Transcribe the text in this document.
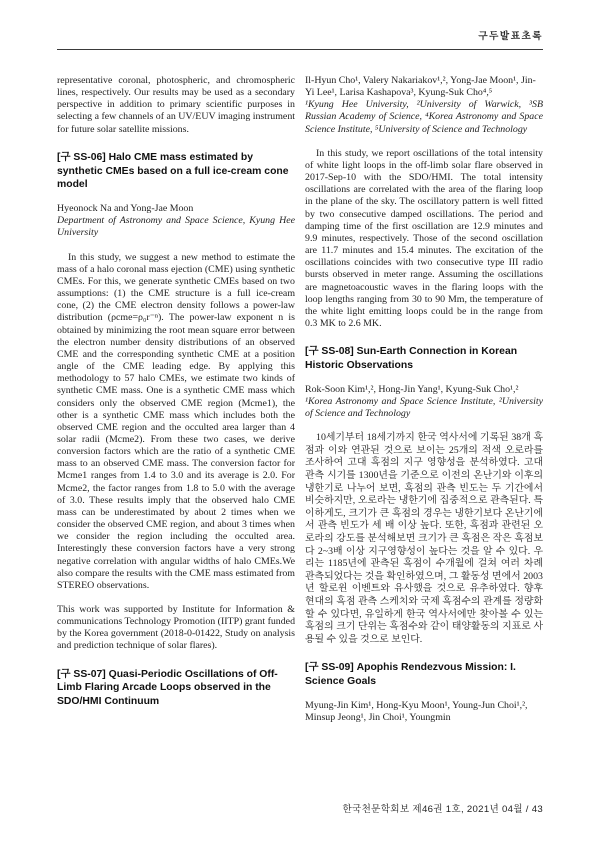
구두발표초록

representative coronal, photospheric, and chromospheric lines, respectively. Our results may be used as a secondary perspective in addition to primary scientific purposes in selecting a few channels of an UV/EUV imaging instrument for future solar satellite missions.

[구 SS-06] Halo CME mass estimated by synthetic CMEs based on a full ice-cream cone model

Hyeonock Na and Yong-Jae Moon

Department of Astronomy and Space Science, Kyung Hee University

In this study, we suggest a new method to estimate the mass of a halo coronal mass ejection (CME) using synthetic CMEs. For this, we generate synthetic CMEs based on two assumptions: (1) the CME structure is a full ice-cream cone, (2) the CME electron density follows a power-law distribution (ρcme=ρ₀r⁻ⁿ). The power-law exponent n is obtained by minimizing the root mean square error between the electron number density distributions of an observed CME and the corresponding synthetic CME at a position angle of the CME leading edge. By applying this methodology to 57 halo CMEs, we estimate two kinds of synthetic CME mass. One is a synthetic CME mass which considers only the observed CME region (Mcme1), the other is a synthetic CME mass which includes both the observed CME region and the occulted area larger than 4 solar radii (Mcme2). From these two cases, we derive conversion factors which are the ratio of a synthetic CME mass to an observed CME mass. The conversion factor for Mcme1 ranges from 1.4 to 3.0 and its average is 2.0. For Mcme2, the factor ranges from 1.8 to 5.0 with the average of 3.0. These results imply that the observed halo CME mass can be underestimated by about 2 times when we consider the observed CME region, and about 3 times when we consider the region including the occulted area. Interestingly these conversion factors have a very strong negative correlation with angular widths of halo CMEs.We also compare the results with the CME mass estimated from STEREO observations.

This work was supported by Institute for Information & communications Technology Promotion (IITP) grant funded by the Korea government (2018-0-01422, Study on analysis and prediction technique of solar flares).

[구 SS-07] Quasi-Periodic Oscillations of Off-Limb Flaring Arcade Loops observed in the SDO/HMI Continuum

Il-Hyun Cho¹, Valery Nakariakov¹,², Yong-Jae Moon¹, Jin-Yi Lee¹, Larisa Kashapova³, Kyung-Suk Cho⁴,⁵

¹Kyung Hee University, ²University of Warwick, ³SB Russian Academy of Science, ⁴Korea Astronomy and Space Science Institute, ⁵University of Science and Technology

In this study, we report oscillations of the total intensity of white light loops in the off-limb solar flare observed in 2017-Sep-10 with the SDO/HMI. The total intensity oscillations are correlated with the area of the flaring loop in the plane of the sky. The oscillatory pattern is well fitted by two consecutive damped oscillations. The period and damping time of the first oscillation are 12.9 minutes and 9.9 minutes, respectively. Those of the second oscillation are 11.7 minutes and 15.4 minutes. The excitation of the oscillations coincides with two consecutive type III radio bursts observed in meter range. Assuming the oscillations are magnetoacoustic waves in the flaring loops with the loop lengths ranging from 30 to 90 Mm, the temperature of the white light emitting loops could be in the range from 0.3 MK to 2.6 MK.

[구 SS-08] Sun-Earth Connection in Korean Historic Observations

Rok-Soon Kim¹,², Hong-Jin Yang¹, Kyung-Suk Cho¹,²

¹Korea Astronomy and Space Science Institute, ²University of Science and Technology

10세기부터 18세기까지 한국 역사서에 기록된 38개 흑점과 이와 연관된 것으로 보이는 25개의 적색 오로라를 조사하여 고대 흑점의 지구 영향성을 분석하였다. 고대 관측 시기를 1300년을 기준으로 이전의 온난기와 이후의 냉한기로 나누어 보면, 흑점의 관측 빈도는 두 기간에서 비슷하지만, 오로라는 냉한기에 집중적으로 관측된다. 특이하게도, 크기가 큰 흑점의 경우는 냉한기보다 온난기에서 관측 빈도가 세 배 이상 높다. 또한, 흑점과 관련된 오로라의 강도를 분석해보면 크기가 큰 흑점은 작은 흑점보다 2~3배 이상 지구영향성이 높다는 것을 알 수 있다. 우리는 1185년에 관측된 흑점이 수개월에 걸쳐 여러 차례 관측되었다는 것을 확인하였으며, 그 활동성 면에서 2003년 할로윈 이벤트와 유사했을 것으로 유추하였다. 향후 현대의 흑점 관측 스케치와 국제 흑점수의 관계를 정량화할 수 있다면, 유일하게 한국 역사서에만 찾아볼 수 있는 흑점의 크기 단위는 흑점수와 같이 태양활동의 지표로 사용될 수 있을 것으로 보인다.

[구 SS-09] Apophis Rendezvous Mission: I. Science Goals

Myung-Jin Kim¹, Hong-Kyu Moon¹, Young-Jun Choi¹,², Minsup Jeong¹, Jin Choi¹, Youngmin

한국천문학회보 제46권 1호, 2021년 04월 / 43
